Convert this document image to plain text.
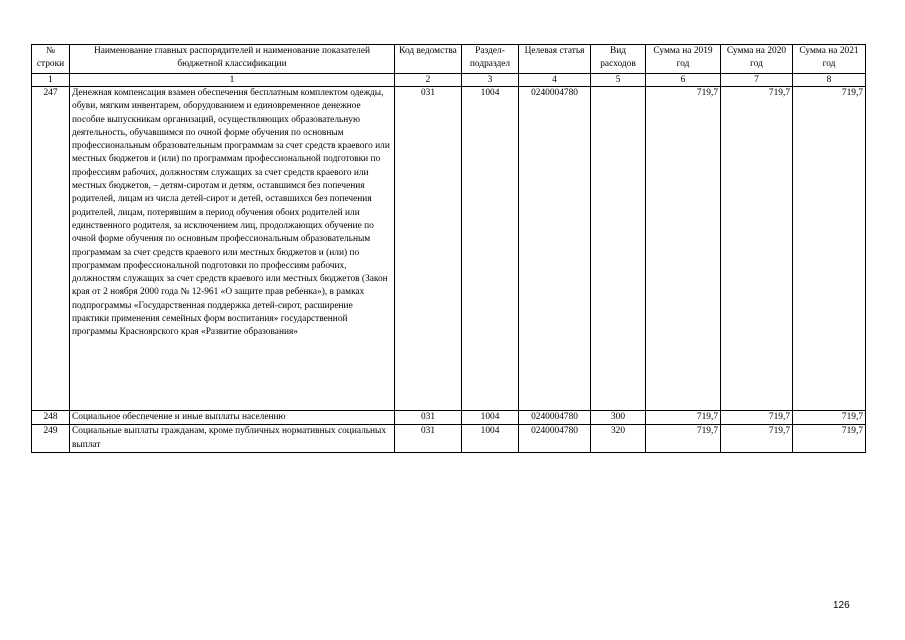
№ строки	Наименование главных распорядителей и наименование показателей бюджетной классификации	Код ведомства	Раздел-подраздел	Целевая статья	Вид расходов	Сумма на 2019 год	Сумма на 2020 год	Сумма на 2021 год
1	1	2	3	4	5	6	7	8
247	Денежная компенсация взамен обеспечения бесплатным комплектом одежды, обуви, мягким инвентарем, оборудованием и единовременное денежное пособие выпускникам организаций, осуществляющих образовательную деятельность, обучавшимся по очной форме обучения по основным профессиональным образовательным программам за счет средств краевого или местных бюджетов и (или) по программам профессиональной подготовки по профессиям рабочих, должностям служащих за счет средств краевого или местных бюджетов, – детям-сиротам и детям, оставшимся без попечения родителей, лицам из числа детей-сирот и детей, оставшихся без попечения родителей, лицам, потерявшим в период обучения обоих родителей или единственного родителя, за исключением лиц, продолжающих обучение по очной форме обучения по основным профессиональным образовательным программам за счет средств краевого или местных бюджетов и (или) по программам профессиональной подготовки по профессиям рабочих, должностям служащих за счет средств краевого или местных бюджетов (Закон края от 2 ноября 2000 года № 12-961 «О защите прав ребенка»), в рамках подпрограммы «Государственная поддержка детей-сирот, расширение практики применения семейных форм воспитания» государственной программы Красноярского края «Развитие образования»	031	1004	0240004780		719,7	719,7	719,7
248	Социальное обеспечение и иные выплаты населению	031	1004	0240004780	300	719,7	719,7	719,7
249	Социальные выплаты гражданам, кроме публичных нормативных социальных выплат	031	1004	0240004780	320	719,7	719,7	719,7
126
